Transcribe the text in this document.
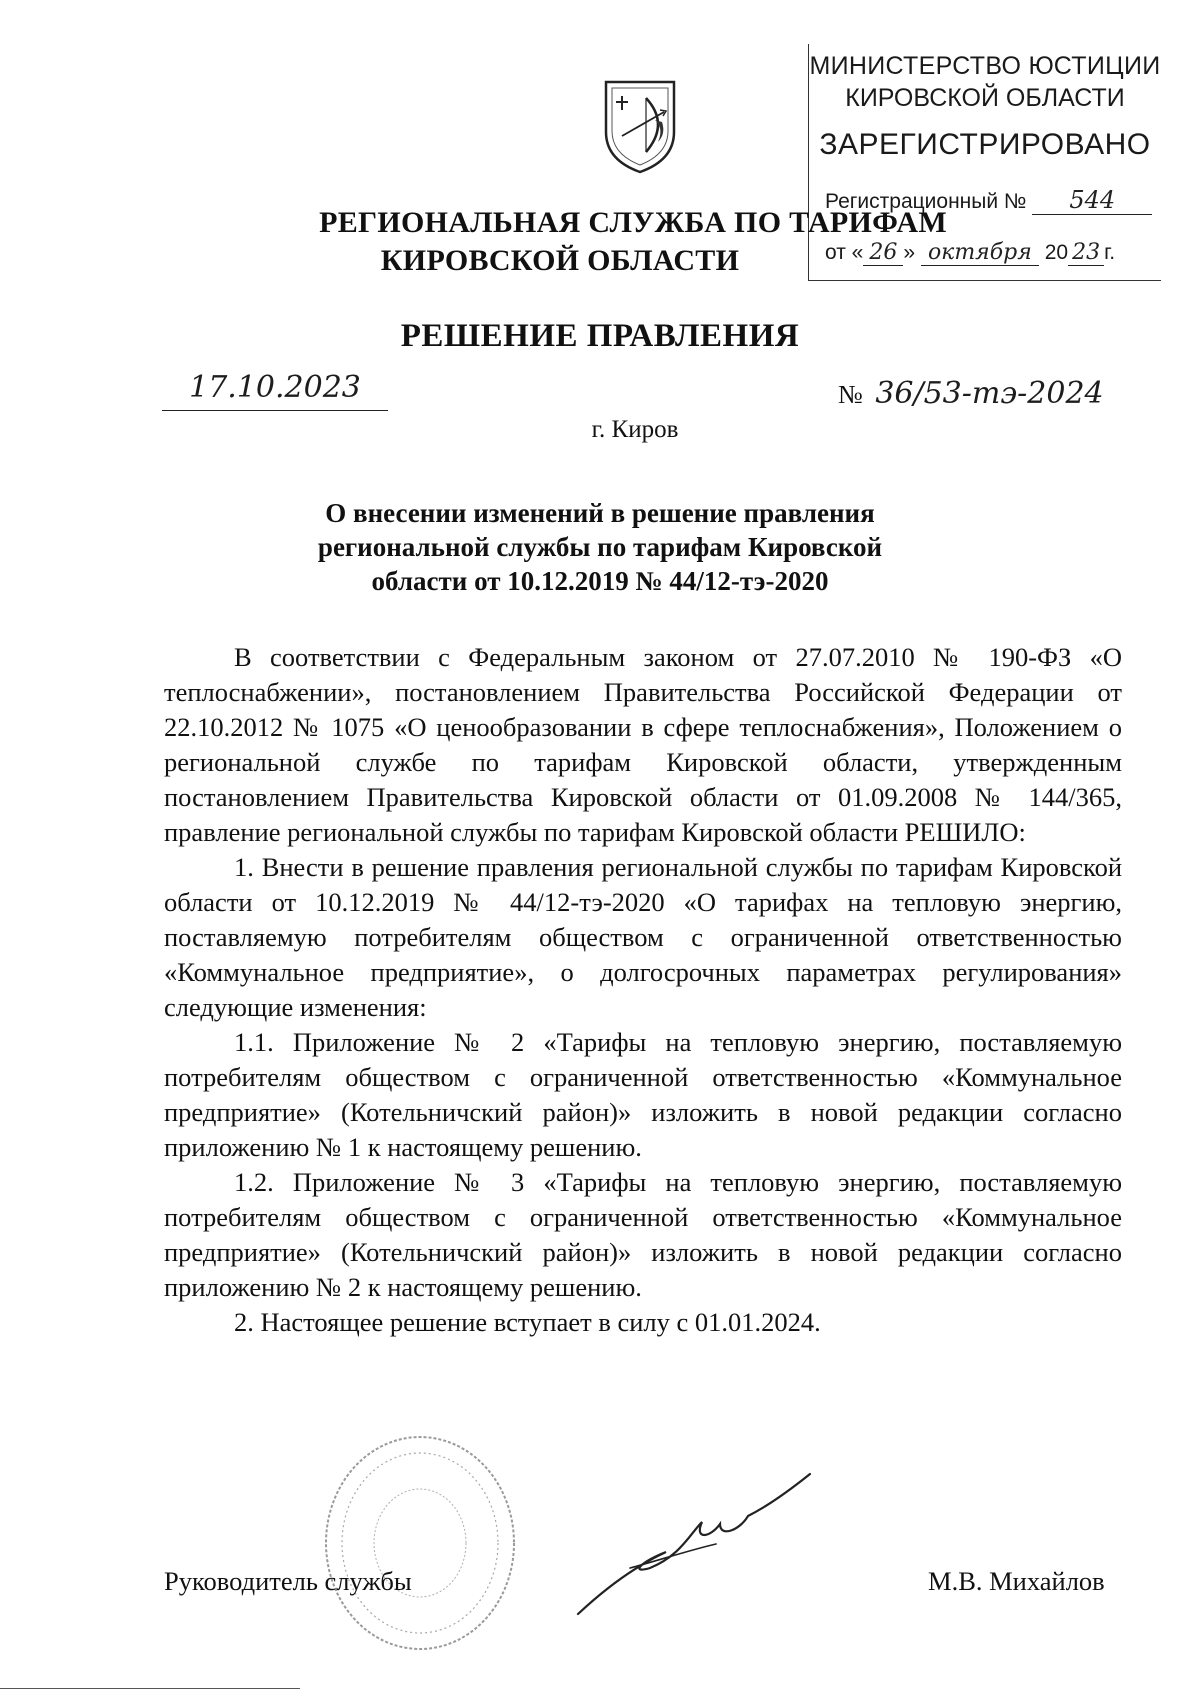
МИНИСТЕРСТВО ЮСТИЦИИ
КИРОВСКОЙ ОБЛАСТИ
ЗАРЕГИСТРИРОВАНО
Регистрационный № 544
от « 26 » октября 20 23 г.
РЕГИОНАЛЬНАЯ СЛУЖБА ПО ТАРИФАМ
КИРОВСКОЙ ОБЛАСТИ
РЕШЕНИЕ ПРАВЛЕНИЯ
17.10.2023	№ 36/53-тэ-2024
г. Киров
О внесении изменений в решение правления
региональной службы по тарифам Кировской
области от 10.12.2019 № 44/12-тэ-2020

В соответствии с Федеральным законом от 27.07.2010 № 190-ФЗ «О теплоснабжении», постановлением Правительства Российской Федерации от 22.10.2012 № 1075 «О ценообразовании в сфере теплоснабжения», Положением о региональной службе по тарифам Кировской области, утвержденным постановлением Правительства Кировской области от 01.09.2008 № 144/365, правление региональной службы по тарифам Кировской области РЕШИЛО:

1. Внести в решение правления региональной службы по тарифам Кировской области от 10.12.2019 № 44/12-тэ-2020 «О тарифах на тепловую энергию, поставляемую потребителям обществом с ограниченной ответственностью «Коммунальное предприятие», о долгосрочных параметрах регулирования» следующие изменения:

1.1. Приложение № 2 «Тарифы на тепловую энергию, поставляемую потребителям обществом с ограниченной ответственностью «Коммунальное предприятие» (Котельничский район)» изложить в новой редакции согласно приложению № 1 к настоящему решению.

1.2. Приложение № 3 «Тарифы на тепловую энергию, поставляемую потребителям обществом с ограниченной ответственностью «Коммунальное предприятие» (Котельничский район)» изложить в новой редакции согласно приложению № 2 к настоящему решению.

2. Настоящее решение вступает в силу с 01.01.2024.

Руководитель службы	М.В. Михайлов
